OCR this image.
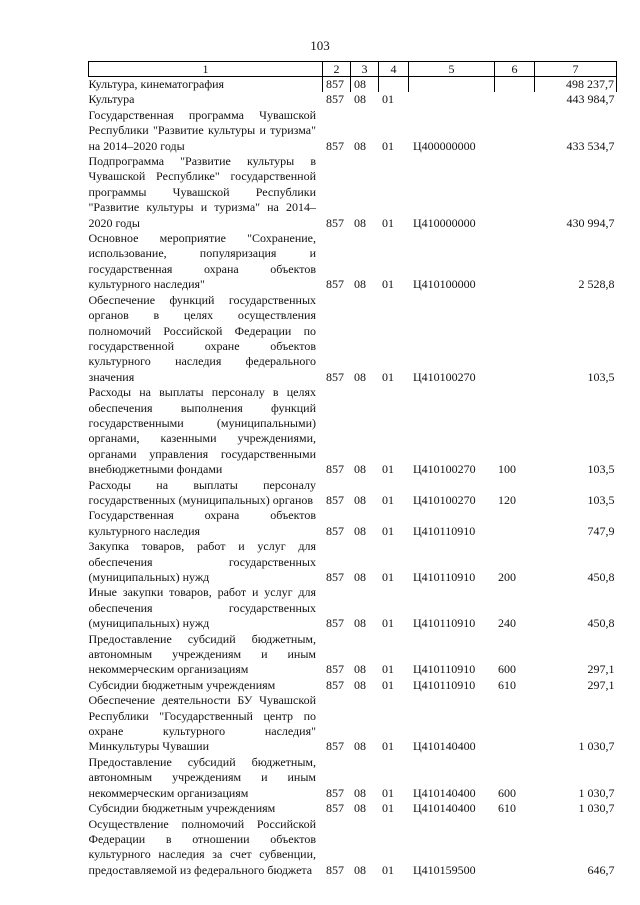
103
1	2	3	4	5	6	7
Культура, кинематография	857	08				498 237,7
Культура	857	08	01			443 984,7
Государственная программа Чувашской Республики "Развитие культуры и туризма" на 2014–2020 годы	857	08	01	Ц400000000		433 534,7
Подпрограмма "Развитие культуры в Чувашской Республике" государственной программы Чувашской Республики "Развитие культуры и туризма" на 2014–2020 годы	857	08	01	Ц410000000		430 994,7
Основное мероприятие "Сохранение, использование, популяризация и государственная охрана объектов культурного наследия"	857	08	01	Ц410100000		2 528,8
Обеспечение функций государственных органов в целях осуществления полномочий Российской Федерации по государственной охране объектов культурного наследия федерального значения	857	08	01	Ц410100270		103,5
Расходы на выплаты персоналу в целях обеспечения выполнения функций государственными (муниципальными) органами, казенными учреждениями, органами управления государственными внебюджетными фондами	857	08	01	Ц410100270	100	103,5
Расходы на выплаты персоналу государственных (муниципальных) органов	857	08	01	Ц410100270	120	103,5
Государственная охрана объектов культурного наследия	857	08	01	Ц410110910		747,9
Закупка товаров, работ и услуг для обеспечения государственных (муниципальных) нужд	857	08	01	Ц410110910	200	450,8
Иные закупки товаров, работ и услуг для обеспечения государственных (муниципальных) нужд	857	08	01	Ц410110910	240	450,8
Предоставление субсидий бюджетным, автономным учреждениям и иным некоммерческим организациям	857	08	01	Ц410110910	600	297,1
Субсидии бюджетным учреждениям	857	08	01	Ц410110910	610	297,1
Обеспечение деятельности БУ Чувашской Республики "Государственный центр по охране культурного наследия" Минкультуры Чувашии	857	08	01	Ц410140400		1 030,7
Предоставление субсидий бюджетным, автономным учреждениям и иным некоммерческим организациям	857	08	01	Ц410140400	600	1 030,7
Субсидии бюджетным учреждениям	857	08	01	Ц410140400	610	1 030,7
Осуществление полномочий Российской Федерации в отношении объектов культурного наследия за счет субвенции, предоставляемой из федерального бюджета	857	08	01	Ц410159500		646,7
